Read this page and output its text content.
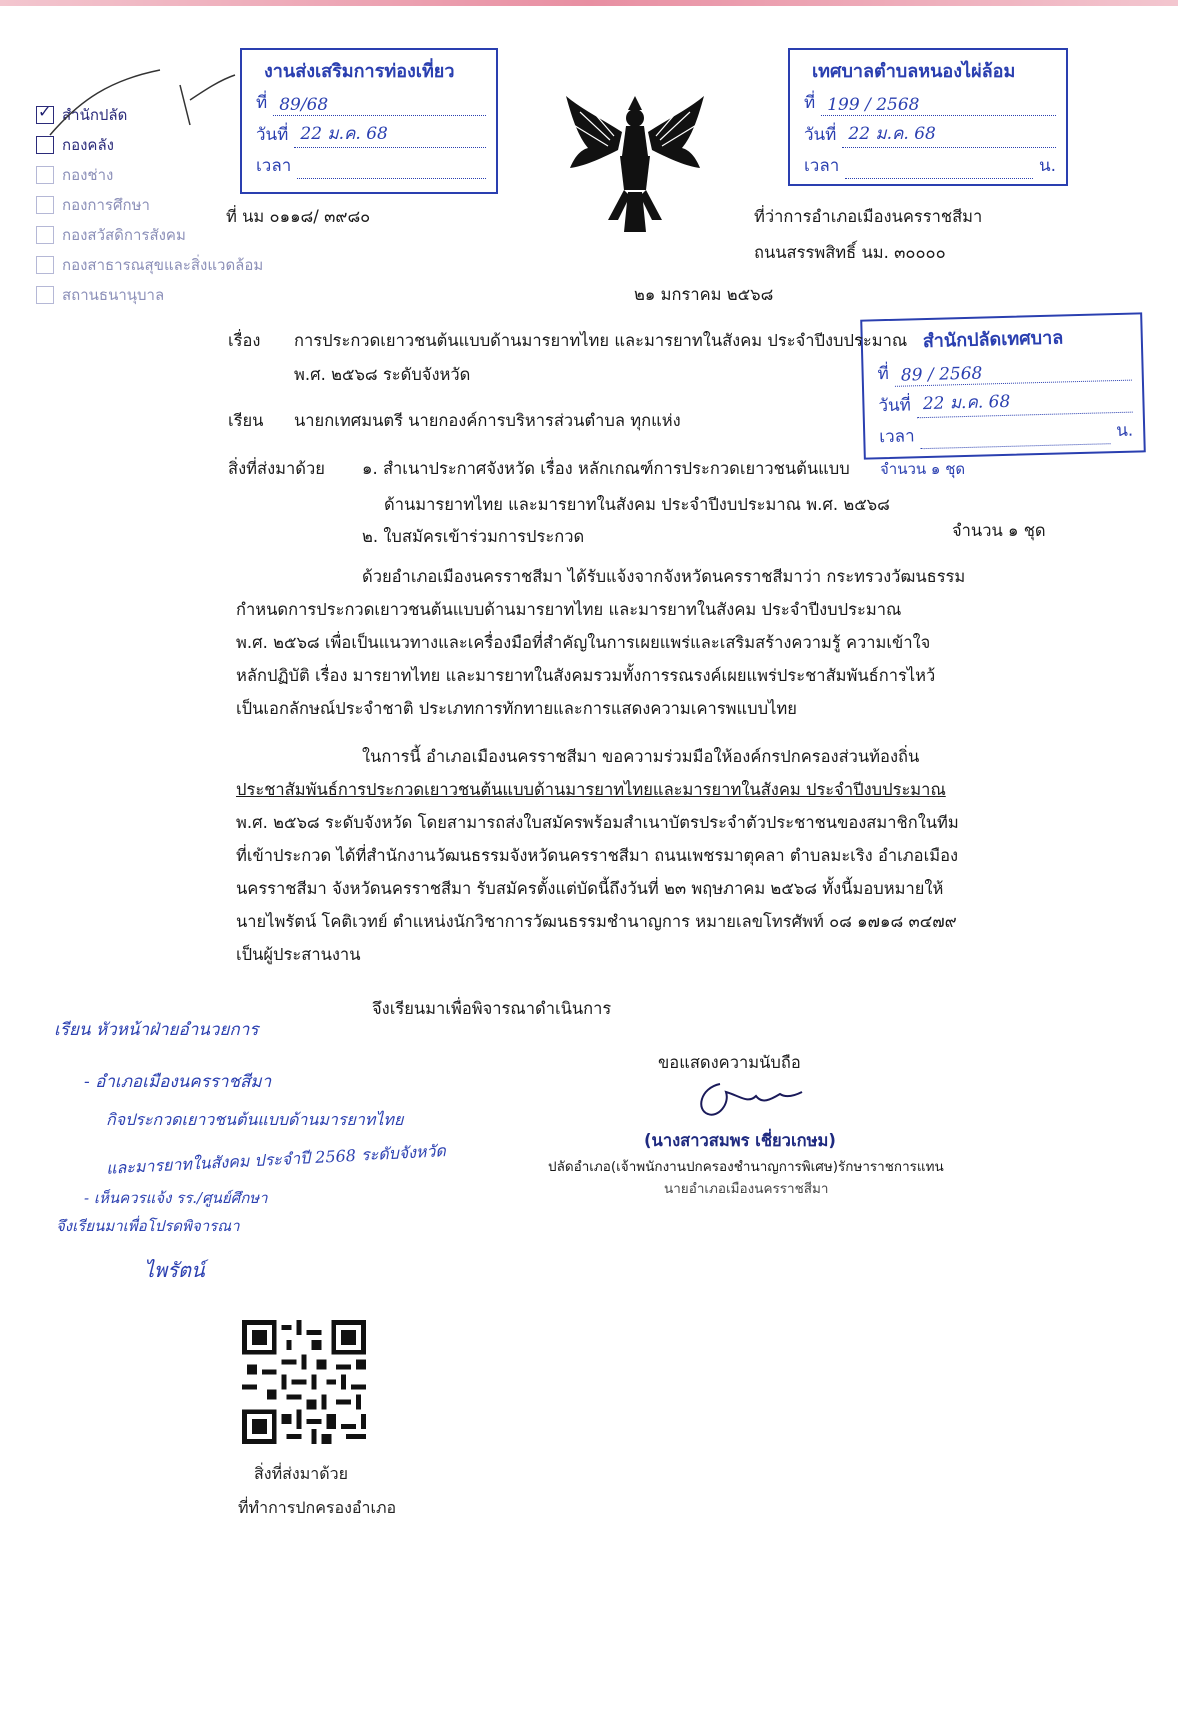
งานส่งเสริมการท่องเที่ยว
ที่ 89/68
วันที่ 22 ม.ค. 68
เวลา
เทศบาลตำบลหนองไผ่ล้อม
ที่ 199 / 2568
วันที่ 22 ม.ค. 68
เวลา	น.
สำนักปลัดเทศบาล
ที่ 89 / 2568
วันที่ 22 ม.ค. 68
เวลา	น.
✓
สำนักปลัด
กองคลัง
กองช่าง
กองการศึกษา
กองสวัสดิการสังคม
กองสาธารณสุขและสิ่งแวดล้อม
สถานธนานุบาล
ที่ นม ๐๑๑๘/ ๓๙๘๐	ที่ว่าการอำเภอเมืองนครราชสีมา
ถนนสรรพสิทธิ์ นม. ๓๐๐๐๐
๒๑ มกราคม ๒๕๖๘
เรื่อง การประกวดเยาวชนต้นแบบด้านมารยาทไทย และมารยาทในสังคม ประจำปีงบประมาณ
พ.ศ. ๒๕๖๘ ระดับจังหวัด
เรียน นายกเทศมนตรี นายกองค์การบริหารส่วนตำบล ทุกแห่ง
สิ่งที่ส่งมาด้วย ๑. สำเนาประกาศจังหวัด เรื่อง หลักเกณฑ์การประกวดเยาวชนต้นแบบ จำนวน ๑ ชุด
ด้านมารยาทไทย และมารยาทในสังคม ประจำปีงบประมาณ พ.ศ. ๒๕๖๘
๒. ใบสมัครเข้าร่วมการประกวด	จำนวน ๑ ชุด
ด้วยอำเภอเมืองนครราชสีมา ได้รับแจ้งจากจังหวัดนครราชสีมาว่า กระทรวงวัฒนธรรม
กำหนดการประกวดเยาวชนต้นแบบด้านมารยาทไทย และมารยาทในสังคม ประจำปีงบประมาณ
พ.ศ. ๒๕๖๘ เพื่อเป็นแนวทางและเครื่องมือที่สำคัญในการเผยแพร่และเสริมสร้างความรู้ ความเข้าใจ
หลักปฏิบัติ เรื่อง มารยาทไทย และมารยาทในสังคมรวมทั้งการรณรงค์เผยแพร่ประชาสัมพันธ์การไหว้
เป็นเอกลักษณ์ประจำชาติ ประเภทการทักทายและการแสดงความเคารพแบบไทย
ในการนี้ อำเภอเมืองนครราชสีมา ขอความร่วมมือให้องค์กรปกครองส่วนท้องถิ่น
ประชาสัมพันธ์การประกวดเยาวชนต้นแบบด้านมารยาทไทยและมารยาทในสังคม ประจำปีงบประมาณ
พ.ศ. ๒๕๖๘ ระดับจังหวัด โดยสามารถส่งใบสมัครพร้อมสำเนาบัตรประจำตัวประชาชนของสมาชิกในทีม
ที่เข้าประกวด ได้ที่สำนักงานวัฒนธรรมจังหวัดนครราชสีมา ถนนเพชรมาตุคลา ตำบลมะเริง อำเภอเมือง
นครราชสีมา จังหวัดนครราชสีมา รับสมัครตั้งแต่บัดนี้ถึงวันที่ ๒๓ พฤษภาคม ๒๕๖๘ ทั้งนี้มอบหมายให้
นายไพรัตน์ โคติเวทย์ ตำแหน่งนักวิชาการวัฒนธรรมชำนาญการ หมายเลขโทรศัพท์ ๐๘ ๑๗๑๘ ๓๔๗๙
เป็นผู้ประสานงาน
จึงเรียนมาเพื่อพิจารณาดำเนินการ
ขอแสดงความนับถือ
(นางสาวสมพร เชี่ยวเกษม)
ปลัดอำเภอ(เจ้าพนักงานปกครองชำนาญการพิเศษ)รักษาราชการแทน
นายอำเภอเมืองนครราชสีมา
เรียน หัวหน้าฝ่ายอำนวยการ
- อำเภอเมืองนครราชสีมา
กิจประกวดเยาวชนต้นแบบด้านมารยาทไทย
และมารยาทในสังคม ประจำปี 2568 ระดับจังหวัด
- เห็นควรแจ้ง รร./ศูนย์ศึกษา
จึงเรียนมาเพื่อโปรดพิจารณา
ไพรัตน์
สิ่งที่ส่งมาด้วย
ที่ทำการปกครองอำเภอ
